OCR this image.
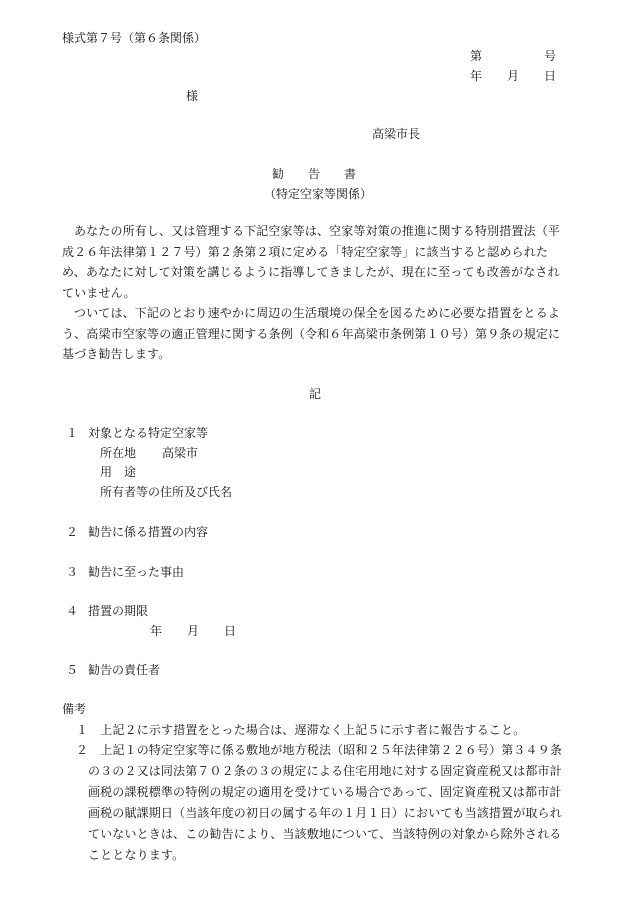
様式第７号（第６条関係）
第	号
年 月 日
様
高梁市長
勧　　告　　書
（特定空家等関係）
あなたの所有し、又は管理する下記空家等は、空家等対策の推進に関する特別措置法（平成２６年法律第１２７号）第２条第２項に定める「特定空家等」に該当すると認められため、あなたに対して対策を講じるように指導してきましたが、現在に至っても改善がなされていません。
ついては、下記のとおり速やかに周辺の生活環境の保全を図るために必要な措置をとるよう、高梁市空家等の適正管理に関する条例（令和６年高梁市条例第１０号）第９条の規定に基づき勧告します。
記
１ 対象となる特定空家等
所在地 高梁市
用　途
所有者等の住所及び氏名
２ 勧告に係る措置の内容
３ 勧告に至った事由
４ 措置の期限
年 月 日
５ 勧告の責任者
備考
１　上記２に示す措置をとった場合は、遅滞なく上記５に示す者に報告すること。
２　上記１の特定空家等に係る敷地が地方税法（昭和２５年法律第２２６号）第３４９条の３の２又は同法第７０２条の３の規定による住宅用地に対する固定資産税又は都市計画税の課税標準の特例の規定の適用を受けている場合であって、固定資産税又は都市計画税の賦課期日（当該年度の初日の属する年の１月１日）においても当該措置が取られていないときは、この勧告により、当該敷地について、当該特例の対象から除外されることとなります。
